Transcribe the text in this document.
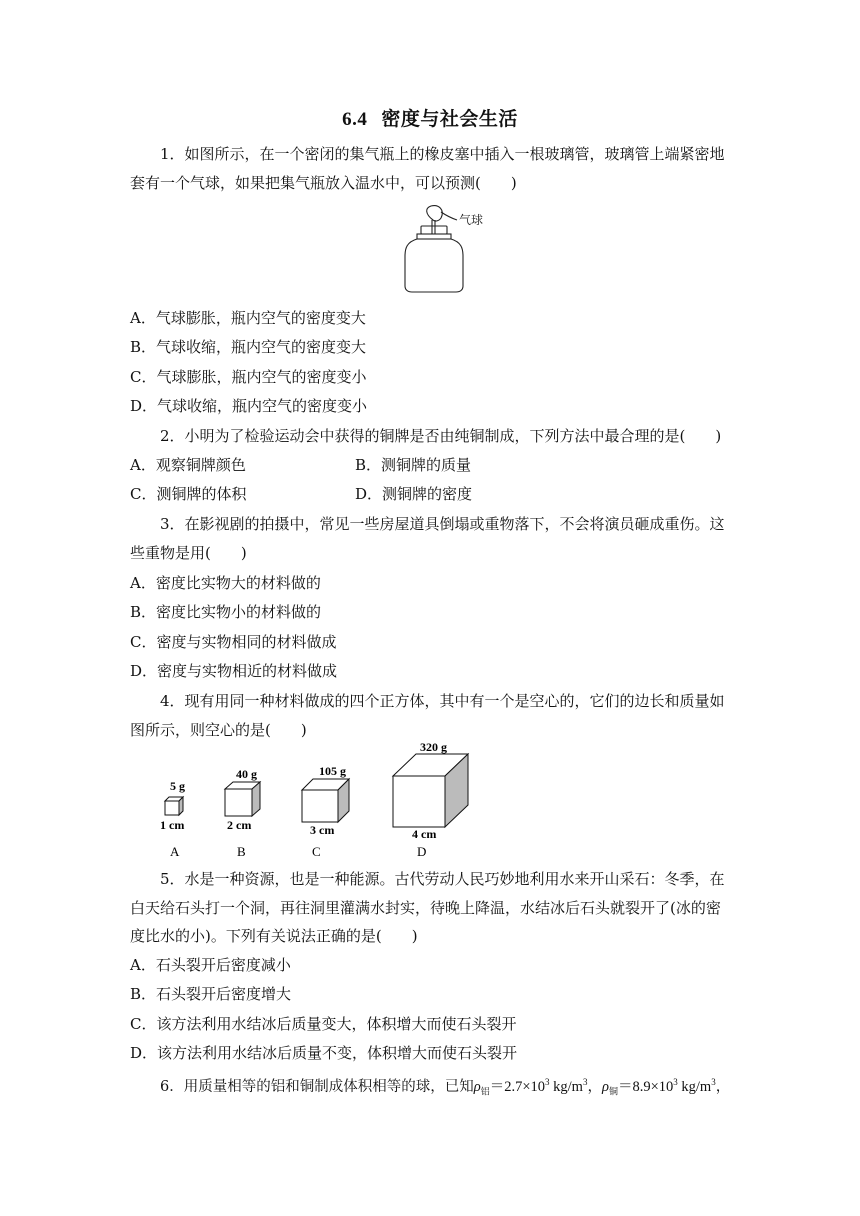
6.4 密度与社会生活
1．如图所示，在一个密闭的集气瓶上的橡皮塞中插入一根玻璃管，玻璃管上端紧密地
套有一个气球，如果把集气瓶放入温水中，可以预测(　　)
气球
A．气球膨胀，瓶内空气的密度变大
B．气球收缩，瓶内空气的密度变大
C．气球膨胀，瓶内空气的密度变小
D．气球收缩，瓶内空气的密度变小
2．小明为了检验运动会中获得的铜牌是否由纯铜制成，下列方法中最合理的是(　　)
A．观察铜牌颜色	B．测铜牌的质量
C．测铜牌的体积	D．测铜牌的密度
3．在影视剧的拍摄中，常见一些房屋道具倒塌或重物落下，不会将演员砸成重伤。这
些重物是用(　　)
A．密度比实物大的材料做的
B．密度比实物小的材料做的
C．密度与实物相同的材料做成
D．密度与实物相近的材料做成
4．现有用同一种材料做成的四个正方体，其中有一个是空心的，它们的边长和质量如
图所示，则空心的是(　　)
5 g
1 cm
A
40 g
2 cm
B
105 g
3 cm
C
320 g
4 cm
D
5．水是一种资源，也是一种能源。古代劳动人民巧妙地利用水来开山采石：冬季，在
白天给石头打一个洞，再往洞里灌满水封实，待晚上降温，水结冰后石头就裂开了(冰的密
度比水的小)。下列有关说法正确的是(　　)
A．石头裂开后密度减小
B．石头裂开后密度增大
C．该方法利用水结冰后质量变大，体积增大而使石头裂开
D．该方法利用水结冰后质量不变，体积增大而使石头裂开
6．用质量相等的铝和铜制成体积相等的球，已知$\rho_铝=2.7\times 10^3$ $kg/m^3$，$\rho_铜=8.9\times 10^3$ $kg/m^3$，
